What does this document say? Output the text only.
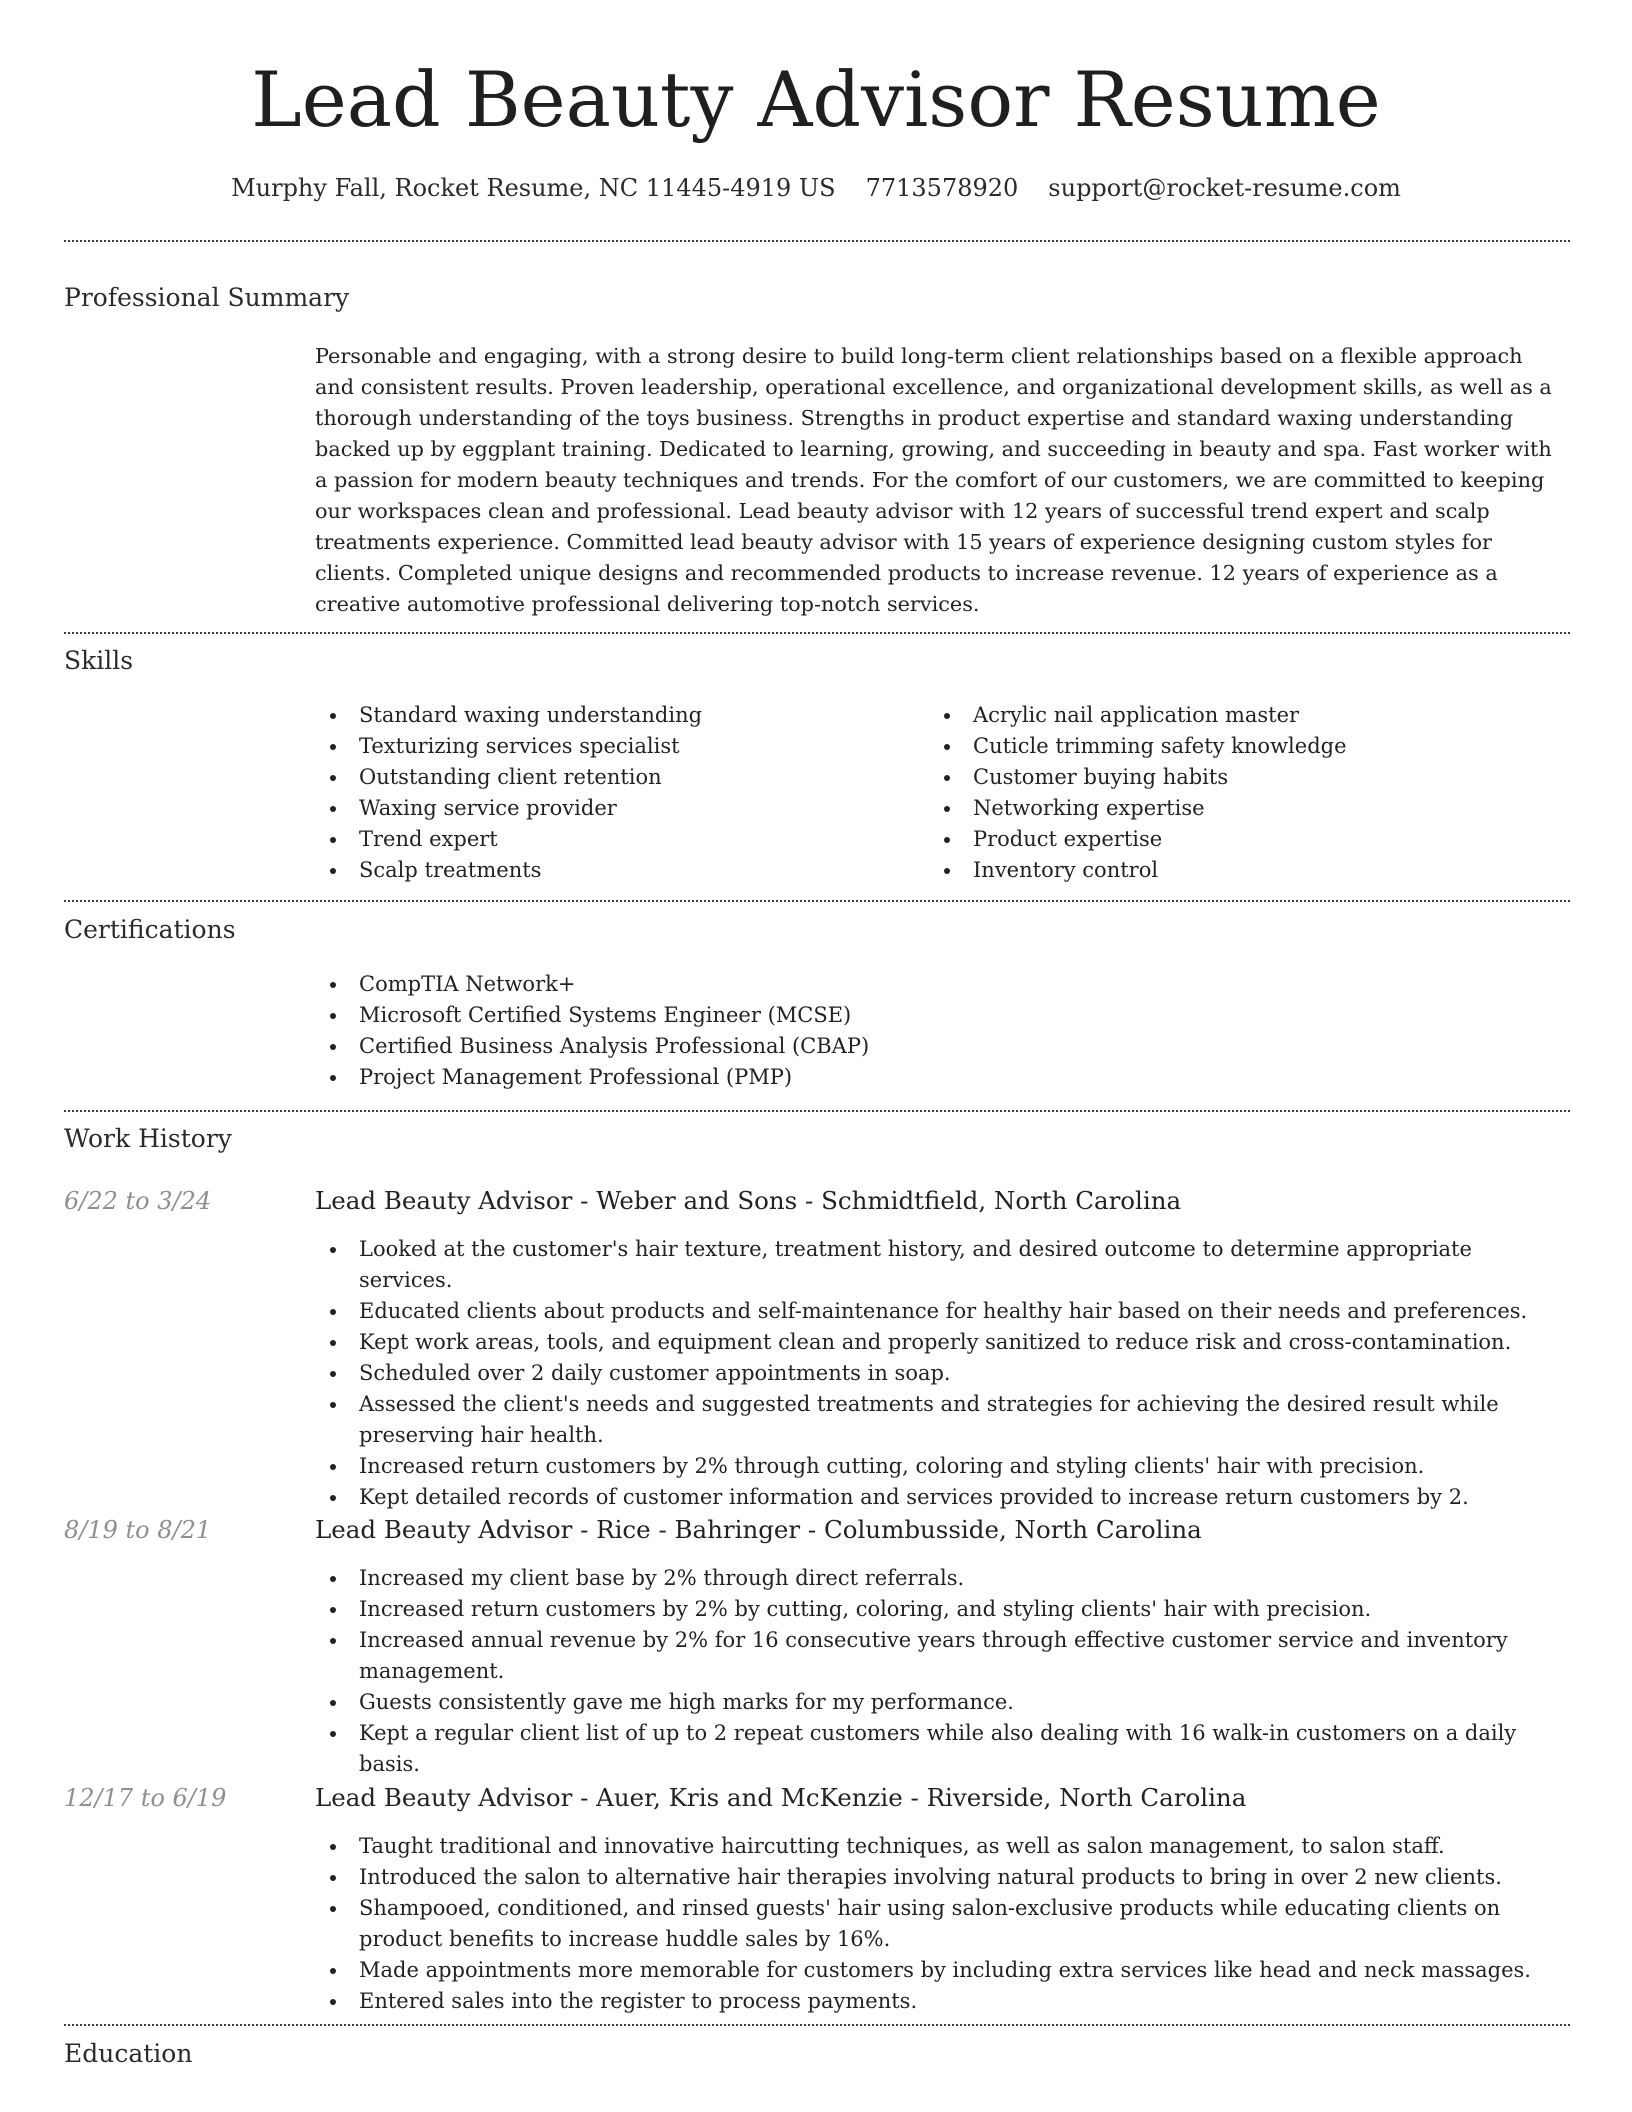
Lead Beauty Advisor Resume
Murphy Fall, Rocket Resume, NC 11445-4919 US 7713578920 support@rocket-resume.com
Professional Summary

Personable and engaging, with a strong desire to build long-term client relationships based on a flexible approach and consistent results. Proven leadership, operational excellence, and organizational development skills, as well as a thorough understanding of the toys business. Strengths in product expertise and standard waxing understanding backed up by eggplant training. Dedicated to learning, growing, and succeeding in beauty and spa. Fast worker with a passion for modern beauty techniques and trends. For the comfort of our customers, we are committed to keeping our workspaces clean and professional. Lead beauty advisor with 12 years of successful trend expert and scalp treatments experience. Committed lead beauty advisor with 15 years of experience designing custom styles for clients. Completed unique designs and recommended products to increase revenue. 12 years of experience as a creative automotive professional delivering top-notch services.

Skills
Standard waxing understanding
Texturizing services specialist
Outstanding client retention
Waxing service provider
Trend expert
Scalp treatments
Acrylic nail application master
Cuticle trimming safety knowledge
Customer buying habits
Networking expertise
Product expertise
Inventory control
Certifications
CompTIA Network+
Microsoft Certified Systems Engineer (MCSE)
Certified Business Analysis Professional (CBAP)
Project Management Professional (PMP)
Work History
6/22 to 3/24	Lead Beauty Advisor - Weber and Sons - Schmidtfield, North Carolina
Looked at the customer's hair texture, treatment history, and desired outcome to determine appropriate services.
Educated clients about products and self-maintenance for healthy hair based on their needs and preferences.
Kept work areas, tools, and equipment clean and properly sanitized to reduce risk and cross-contamination.
Scheduled over 2 daily customer appointments in soap.
Assessed the client's needs and suggested treatments and strategies for achieving the desired result while preserving hair health.
Increased return customers by 2% through cutting, coloring and styling clients' hair with precision.
Kept detailed records of customer information and services provided to increase return customers by 2.
8/19 to 8/21	Lead Beauty Advisor - Rice - Bahringer - Columbusside, North Carolina
Increased my client base by 2% through direct referrals.
Increased return customers by 2% by cutting, coloring, and styling clients' hair with precision.
Increased annual revenue by 2% for 16 consecutive years through effective customer service and inventory management.
Guests consistently gave me high marks for my performance.
Kept a regular client list of up to 2 repeat customers while also dealing with 16 walk-in customers on a daily basis.
12/17 to 6/19	Lead Beauty Advisor - Auer, Kris and McKenzie - Riverside, North Carolina
Taught traditional and innovative haircutting techniques, as well as salon management, to salon staff.
Introduced the salon to alternative hair therapies involving natural products to bring in over 2 new clients.
Shampooed, conditioned, and rinsed guests' hair using salon-exclusive products while educating clients on product benefits to increase huddle sales by 16%.
Made appointments more memorable for customers by including extra services like head and neck massages.
Entered sales into the register to process payments.
Education
